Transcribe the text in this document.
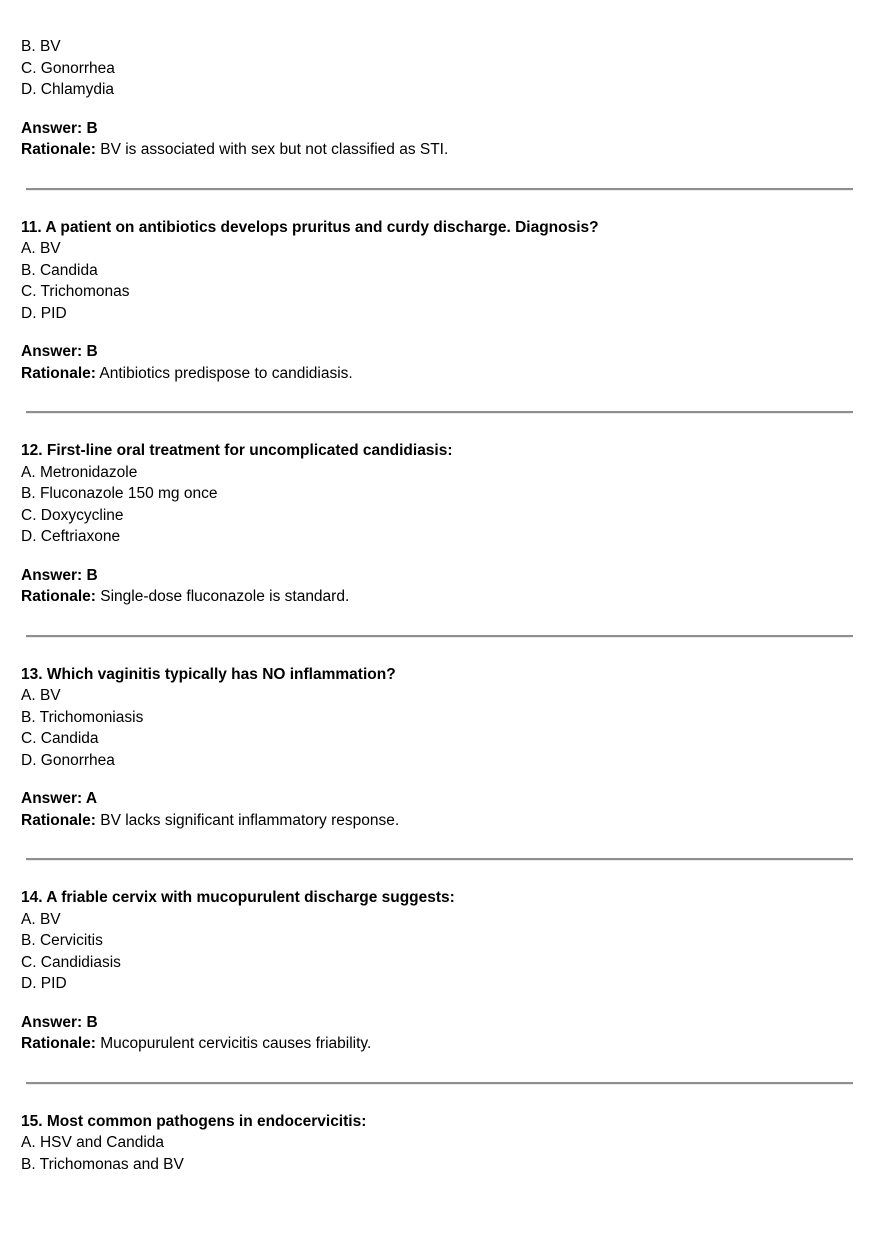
B. BV

C. Gonorrhea

D. Chlamydia

Answer: B

Rationale: BV is associated with sex but not classified as STI.

11. A patient on antibiotics develops pruritus and curdy discharge. Diagnosis?

A. BV

B. Candida

C. Trichomonas

D. PID

Answer: B

Rationale: Antibiotics predispose to candidiasis.

12. First-line oral treatment for uncomplicated candidiasis:

A. Metronidazole

B. Fluconazole 150 mg once

C. Doxycycline

D. Ceftriaxone

Answer: B

Rationale: Single-dose fluconazole is standard.

13. Which vaginitis typically has NO inflammation?

A. BV

B. Trichomoniasis

C. Candida

D. Gonorrhea

Answer: A

Rationale: BV lacks significant inflammatory response.

14. A friable cervix with mucopurulent discharge suggests:

A. BV

B. Cervicitis

C. Candidiasis

D. PID

Answer: B

Rationale: Mucopurulent cervicitis causes friability.

15. Most common pathogens in endocervicitis:

A. HSV and Candida

B. Trichomonas and BV
